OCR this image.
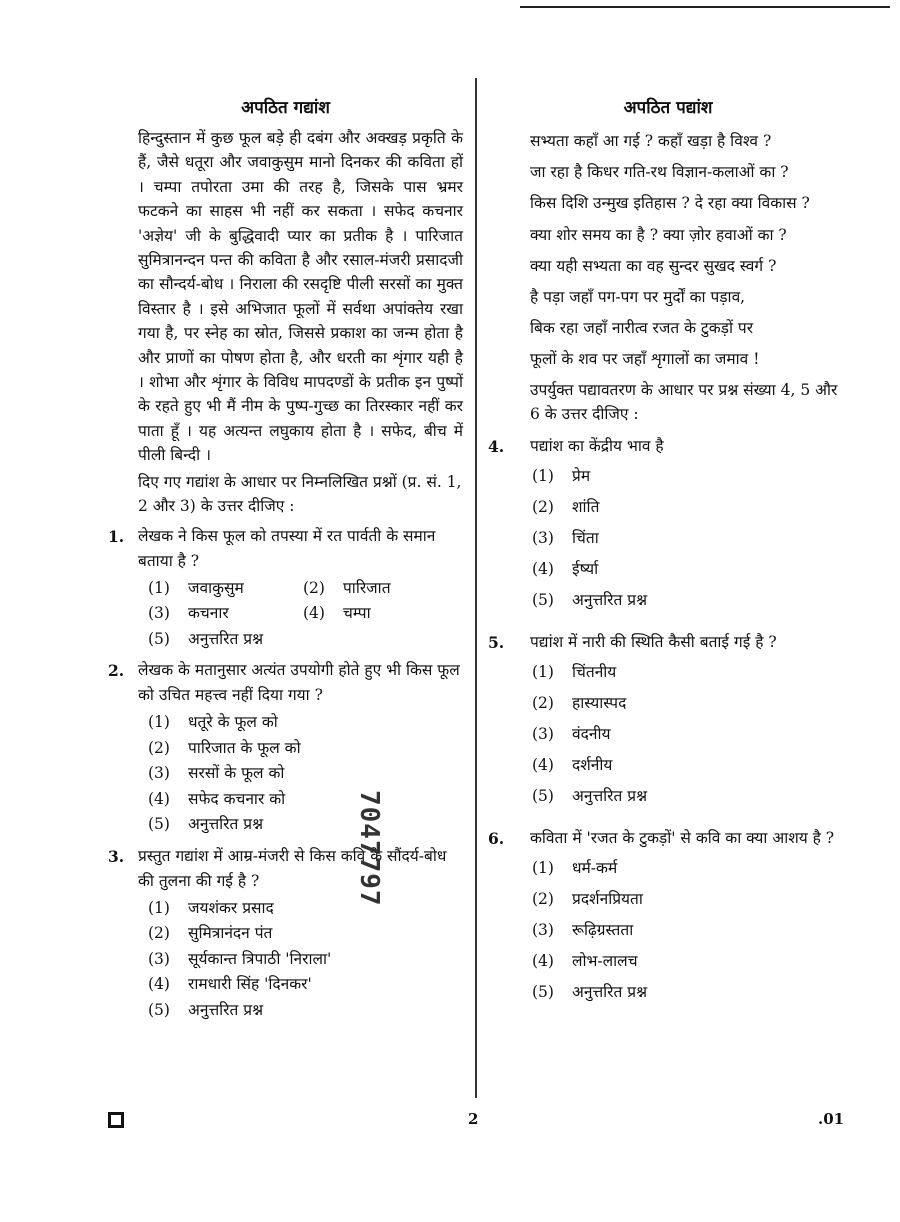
अपठित गद्यांश
हिन्दुस्तान में कुछ फूल बड़े ही दबंग और अक्खड़ प्रकृति के हैं, जैसे धतूरा और जवाकुसुम मानो दिनकर की कविता हों । चम्पा तपोरता उमा की तरह है, जिसके पास भ्रमर फटकने का साहस भी नहीं कर सकता । सफेद कचनार 'अज्ञेय' जी के बुद्धिवादी प्यार का प्रतीक है । पारिजात सुमित्रानन्दन पन्त की कविता है और रसाल-मंजरी प्रसादजी का सौन्दर्य-बोध । निराला की रसदृष्टि पीली सरसों का मुक्त विस्तार है । इसे अभिजात फूलों में सर्वथा अपांक्तेय रखा गया है, पर स्नेह का स्रोत, जिससे प्रकाश का जन्म होता है और प्राणों का पोषण होता है, और धरती का शृंगार यही है । शोभा और शृंगार के विविध मापदण्डों के प्रतीक इन पुष्पों के रहते हुए भी मैं नीम के पुष्प-गुच्छ का तिरस्कार नहीं कर पाता हूँ । यह अत्यन्त लघुकाय होता है । सफेद, बीच में पीली बिन्दी ।
दिए गए गद्यांश के आधार पर निम्नलिखित प्रश्नों (प्र. सं. 1, 2 और 3) के उत्तर दीजिए :
1. लेखक ने किस फूल को तपस्या में रत पार्वती के समान बताया है ?
(1) जवाकुसुम	(2) पारिजात
(3) कचनार	(4) चम्पा
(5) अनुत्तरित प्रश्न
2. लेखक के मतानुसार अत्यंत उपयोगी होते हुए भी किस फूल को उचित महत्त्व नहीं दिया गया ?
(1) धतूरे के फूल को
(2) पारिजात के फूल को
(3) सरसों के फूल को
(4) सफेद कचनार को
(5) अनुत्तरित प्रश्न
3. प्रस्तुत गद्यांश में आम्र-मंजरी से किस कवि के सौंदर्य-बोध की तुलना की गई है ?
(1) जयशंकर प्रसाद
(2) सुमित्रानंदन पंत
(3) सूर्यकान्त त्रिपाठी 'निराला'
(4) रामधारी सिंह 'दिनकर'
(5) अनुत्तरित प्रश्न
अपठित पद्यांश
सभ्यता कहाँ आ गई ? कहाँ खड़ा है विश्व ?
जा रहा है किधर गति-रथ विज्ञान-कलाओं का ?
किस दिशि उन्मुख इतिहास ? दे रहा क्या विकास ?
क्या शोर समय का है ? क्या ज़ोर हवाओं का ?
क्या यही सभ्यता का वह सुन्दर सुखद स्वर्ग ?
है पड़ा जहाँ पग-पग पर मुर्दों का पड़ाव,
बिक रहा जहाँ नारीत्व रजत के टुकड़ों पर
फूलों के शव पर जहाँ शृगालों का जमाव !
उपर्युक्त पद्यावतरण के आधार पर प्रश्न संख्या 4, 5 और 6 के उत्तर दीजिए :
4.	पद्यांश का केंद्रीय भाव है
(1) प्रेम
(2) शांति
(3) चिंता
(4) ईर्ष्या
(5) अनुत्तरित प्रश्न
5.	पद्यांश में नारी की स्थिति कैसी बताई गई है ?
(1) चिंतनीय
(2) हास्यास्पद
(3) वंदनीय
(4) दर्शनीय
(5) अनुत्तरित प्रश्न
6.	कविता में 'रजत के टुकड़ों' से कवि का क्या आशय है ?
(1) धर्म-कर्म
(2) प्रदर्शनप्रियता
(3) रूढ़िग्रस्तता
(4) लोभ-लालच
(5) अनुत्तरित प्रश्न
7047797
2	.01
